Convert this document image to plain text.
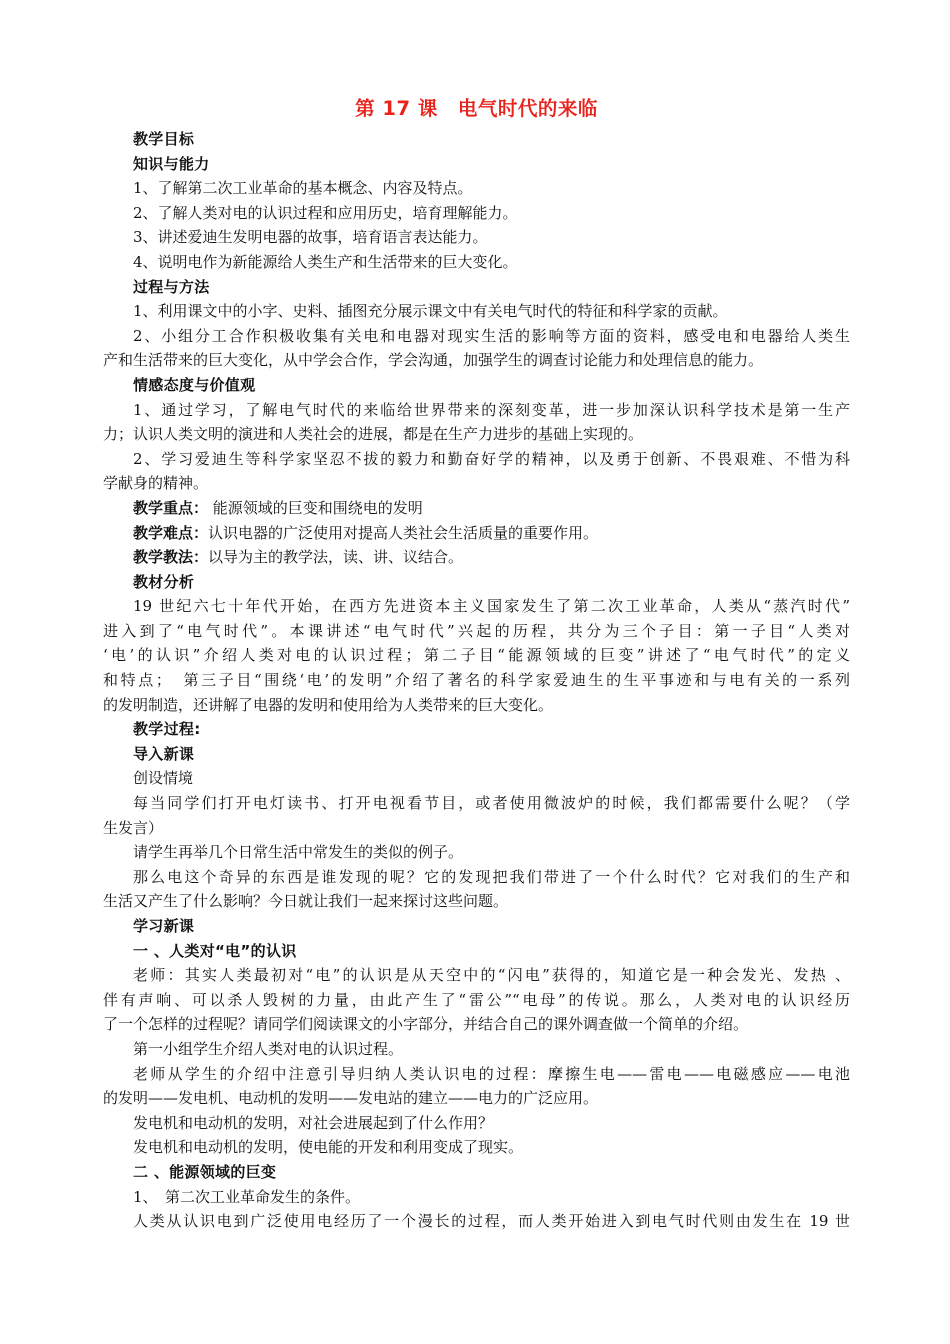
第 17 课　电气时代的来临
教学目标
知识与能力
1、了解第二次工业革命的基本概念、内容及特点。
2、了解人类对电的认识过程和应用历史，培育理解能力。
3、讲述爱迪生发明电器的故事，培育语言表达能力。
4、说明电作为新能源给人类生产和生活带来的巨大变化。
过程与方法
1、利用课文中的小字、史料、插图充分展示课文中有关电气时代的特征和科学家的贡献。
2、小组分工合作积极收集有关电和电器对现实生活的影响等方面的资料，感受电和电器给人类生
产和生活带来的巨大变化，从中学会合作，学会沟通，加强学生的调查讨论能力和处理信息的能力。
情感态度与价值观
1、通过学习，了解电气时代的来临给世界带来的深刻变革，进一步加深认识科学技术是第一生产
力；认识人类文明的演进和人类社会的进展，都是在生产力进步的基础上实现的。
2、学习爱迪生等科学家坚忍不拔的毅力和勤奋好学的精神，以及勇于创新、不畏艰难、不惜为科
学献身的精神。
教学重点： 能源领域的巨变和围绕电的发明
教学难点：认识电器的广泛使用对提高人类社会生活质量的重要作用。
教学教法：以导为主的教学法，读、讲、议结合。
教材分析
19 世纪六七十年代开始，在西方先进资本主义国家发生了第二次工业革命，人类从“蒸汽时代”
进入到了“电气时代”。本课讲述“电气时代”兴起的历程，共分为三个子目：第一子目“人类对
‘电’的认识”介绍人类对电的认识过程；第二子目“能源领域的巨变”讲述了“电气时代”的定义
和特点；　第三子目“围绕‘电’的发明”介绍了著名的科学家爱迪生的生平事迹和与电有关的一系列
的发明制造，还讲解了电器的发明和使用给为人类带来的巨大变化。
教学过程:
导入新课
创设情境
每当同学们打开电灯读书、打开电视看节目，或者使用微波炉的时候，我们都需要什么呢？（学
生发言）
请学生再举几个日常生活中常发生的类似的例子。
那么电这个奇异的东西是谁发现的呢？它的发现把我们带进了一个什么时代？它对我们的生产和
生活又产生了什么影响？今日就让我们一起来探讨这些问题。
学习新课
一 、人类对“电”的认识
老师：其实人类最初对“电”的认识是从天空中的“闪电”获得的，知道它是一种会发光、发热 、
伴有声响、可以杀人毁树的力量，由此产生了“雷公”“电母”的传说。那么，人类对电的认识经历
了一个怎样的过程呢？请同学们阅读课文的小字部分，并结合自己的课外调查做一个简单的介绍。
第一小组学生介绍人类对电的认识过程。
老师从学生的介绍中注意引导归纳人类认识电的过程：摩擦生电——雷电——电磁感应——电池
的发明——发电机、电动机的发明——发电站的建立——电力的广泛应用。
发电机和电动机的发明，对社会进展起到了什么作用？
发电机和电动机的发明，使电能的开发和利用变成了现实。
二 、能源领域的巨变
1、　第二次工业革命发生的条件。
人类从认识电到广泛使用电经历了一个漫长的过程，而人类开始进入到电气时代则由发生在 19 世
